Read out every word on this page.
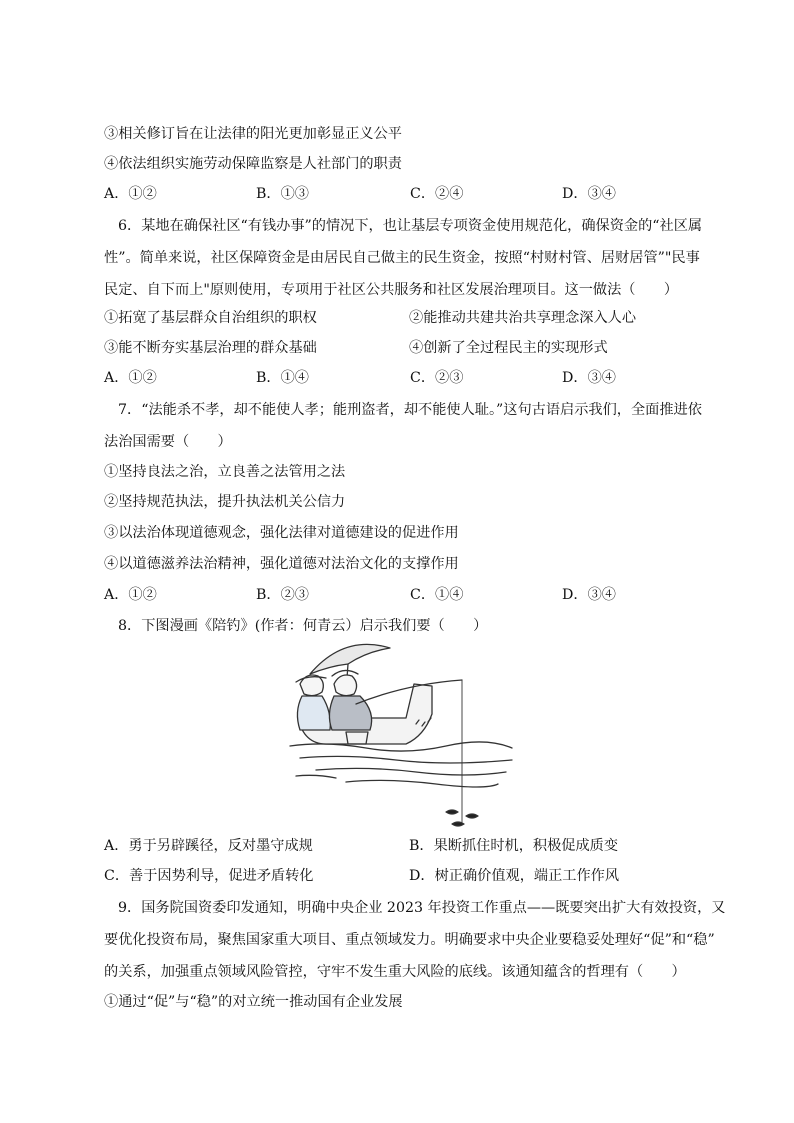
③相关修订旨在让法律的阳光更加彰显正义公平
④依法组织实施劳动保障监察是人社部门的职责
A．①②	B．①③	C．②④	D．③④
6．某地在确保社区“有钱办事”的情况下，也让基层专项资金使用规范化，确保资金的“社区属
性”。简单来说，社区保障资金是由居民自己做主的民生资金，按照“村财村管、居财居管”"民事
民定、自下而上"原则使用，专项用于社区公共服务和社区发展治理项目。这一做法（　　）
①拓宽了基层群众自治组织的职权	②能推动共建共治共享理念深入人心
③能不断夯实基层治理的群众基础	④创新了全过程民主的实现形式
A．①②	B．①④	C．②③	D．③④
7．“法能杀不孝，却不能使人孝；能刑盗者，却不能使人耻。”这句古语启示我们，全面推进依
法治国需要（　　）
①坚持良法之治，立良善之法管用之法
②坚持规范执法，提升执法机关公信力
③以法治体现道德观念，强化法律对道德建设的促进作用
④以道德滋养法治精神，强化道德对法治文化的支撑作用
A．①②	B．②③	C．①④	D．③④
8．下图漫画《陪钓》(作者：何青云）启示我们要（　　）
A．勇于另辟蹊径，反对墨守成规	B．果断抓住时机，积极促成质变
C．善于因势利导，促进矛盾转化	D．树正确价值观，端正工作作风
9．国务院国资委印发通知，明确中央企业 2023 年投资工作重点——既要突出扩大有效投资，又
要优化投资布局，聚焦国家重大项目、重点领域发力。明确要求中央企业要稳妥处理好“促”和“稳”
的关系，加强重点领域风险管控，守牢不发生重大风险的底线。该通知蕴含的哲理有（　　）
①通过“促”与“稳”的对立统一推动国有企业发展
